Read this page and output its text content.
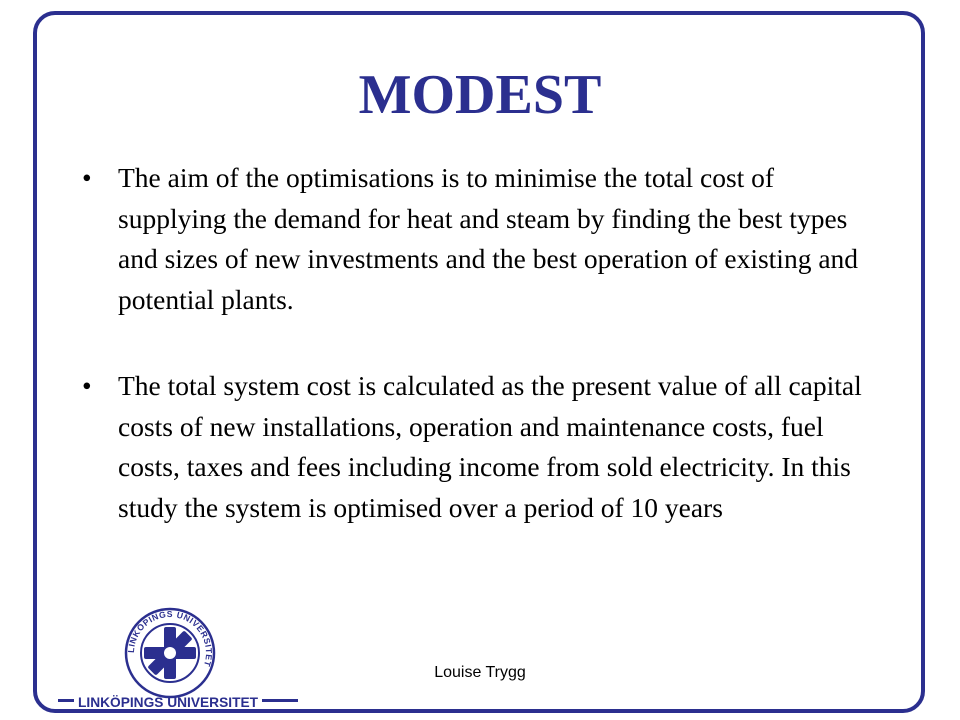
MODEST
• The aim of the optimisations is to minimise the total cost of supplying the demand for heat and steam by finding the best types and sizes of new investments and the best operation of existing and potential plants.
• The total system cost is calculated as the present value of all capital costs of new installations, operation and maintenance costs, fuel costs, taxes and fees including income from sold electricity. In this study the system is optimised over a period of 10 years
LINKÖPINGS UNIVERSITET
LINKÖPINGS UNIVERSITET
Louise Trygg
